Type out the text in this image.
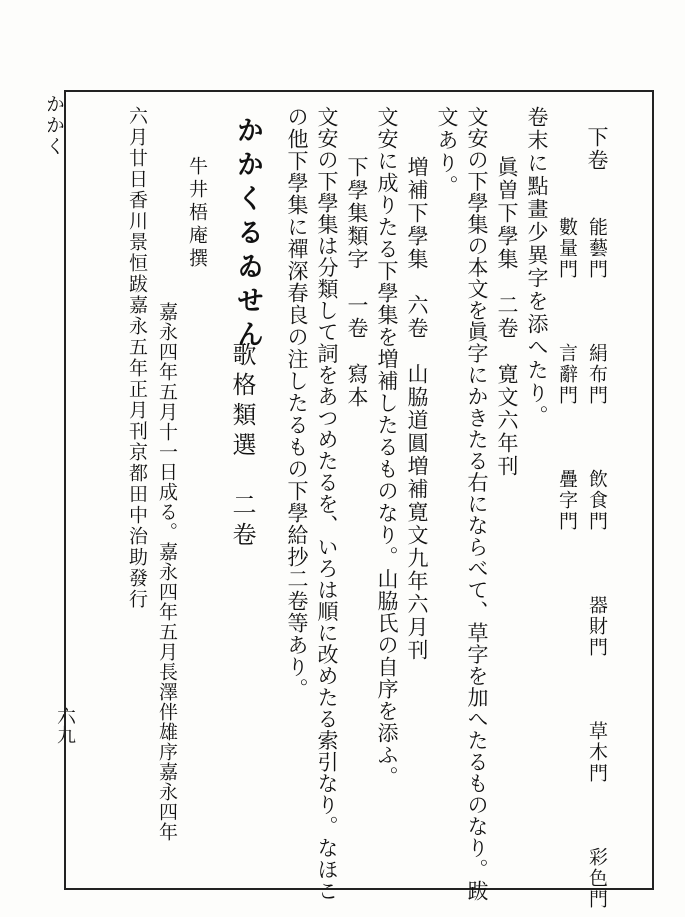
かかく
六九
下卷
能藝門　　　絹布門　　　飲食門　　　器財門　　　草木門　　　彩色門
數量門　　　言辭門　　　疊字門
卷末に點畫少異字を添へたり。
眞曽下學集　二卷　寛文六年刊
文安の下學集の本文を眞字にかきたる右にならべて、草字を加へたるものなり。跋
文あり。
増補下學集　六卷　山脇道圓増補寛文九年六月刊
文安に成りたる下學集を増補したるものなり。山脇氏の自序を添ふ。
下學集類字　一卷　寫本
文安の下學集は分類して詞をあつめたるを、いろは順に改めたる索引なり。なほこ
の他下學集に禪深春良の注したるもの下學給抄二卷等あり。
かかくるゐせん
歌格類選　二卷
牛井梧庵撰
嘉永四年五月十一日成る。嘉永四年五月長澤伴雄序嘉永四年
六月廿日香川景恒跋嘉永五年正月刊京都田中治助發行
